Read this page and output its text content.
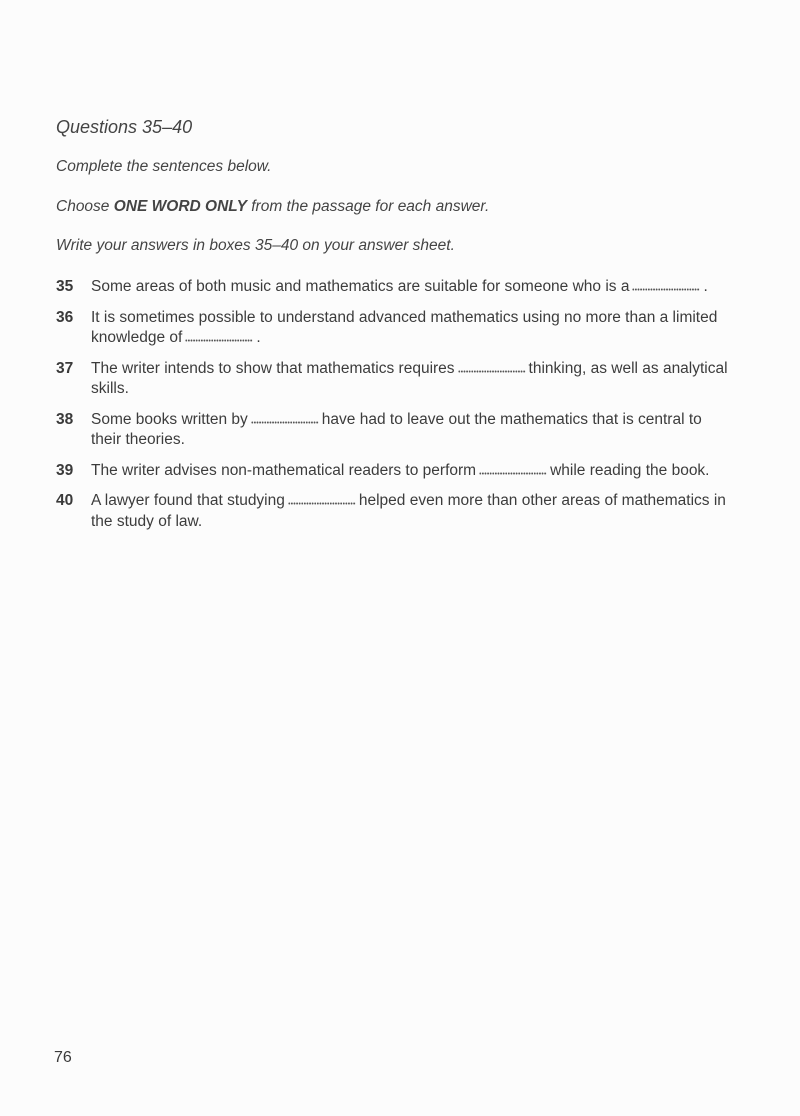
Questions 35–40

Complete the sentences below.

Choose ONE WORD ONLY from the passage for each answer.

Write your answers in boxes 35–40 on your answer sheet.

35	Some areas of both music and mathematics are suitable for someone who is a	.
36	It is sometimes possible to understand advanced mathematics using no more than a limited knowledge of	.
37	The writer intends to show that mathematics requires	thinking, as well as analytical skills.
38	Some books written by	have had to leave out the mathematics that is central to their theories.
39	The writer advises non-mathematical readers to perform	while reading the book.
40	A lawyer found that studying	helped even more than other areas of mathematics in the study of law.

76
